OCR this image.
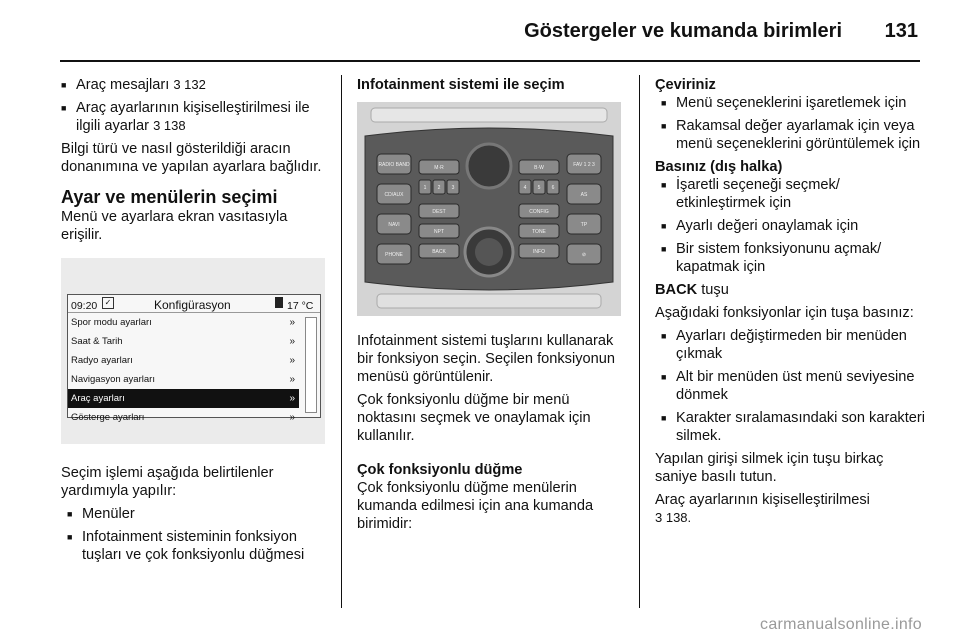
Göstergeler ve kumanda birimleri 131
■ Araç mesajları 3 132
■ Araç ayarlarının kişiselleştirilmesi ile ilgili ayarlar 3 138

Bilgi türü ve nasıl gösterildiği aracın donanımına ve yapılan ayarlara bağlıdır.

Ayar ve menülerin seçimi

Menü ve ayarlara ekran vasıtasıyla erişilir.

09:20 ✓	Konfigürasyon	17 °C
Spor modu ayarları	»
Saat & Tarih	»
Radyo ayarları	»
Navigasyon ayarları	»
Araç ayarları	»
Gösterge ayarları	»

Seçim işlemi aşağıda belirtilenler yardımıyla yapılır:

■ Menüler
■ Infotainment sisteminin fonksiyon tuşları ve çok fonksiyonlu düğmesi
Infotainment sistemi ile seçim
RADIO BAND
CD/AUX
NAVI
PHONE
M·R
1 2 3
DEST
NPT
BACK
B·W
4 5 6
CONFIG
TONE
INFO
FAV 1 2 3
AS
TP
⊘

Infotainment sistemi tuşlarını kullanarak bir fonksiyon seçin. Seçilen fonksiyonun menüsü görüntülenir.

Çok fonksiyonlu düğme bir menü noktasını seçmek ve onaylamak için kullanılır.

Çok fonksiyonlu düğme

Çok fonksiyonlu düğme menülerin kumanda edilmesi için ana kumanda birimidir:

Çeviriniz
■ Menü seçeneklerini işaretlemek için
■ Rakamsal değer ayarlamak için veya menü seçeneklerini görüntülemek için
Basınız (dış halka)
■ İşaretli seçeneği seçmek/ etkinleştirmek için
■ Ayarlı değeri onaylamak için
■ Bir sistem fonksiyonunu açmak/ kapatmak için

BACK tuşu

Aşağıdaki fonksiyonlar için tuşa basınız:

■ Ayarları değiştirmeden bir menüden çıkmak
■ Alt bir menüden üst menü seviyesine dönmek
■ Karakter sıralamasındaki son karakteri silmek.

Yapılan girişi silmek için tuşu birkaç saniye basılı tutun.

Araç ayarlarının kişiselleştirilmesi
3 138.

carmanualsonline.info
